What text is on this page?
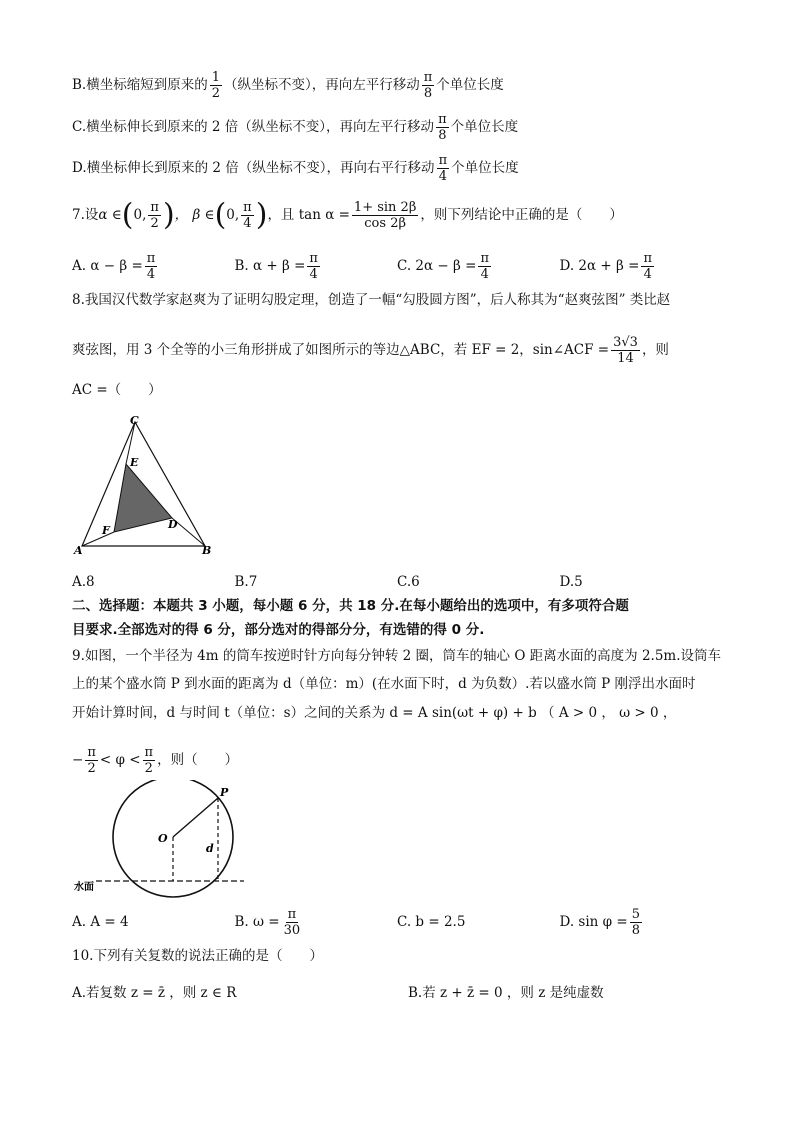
B.横坐标缩短到原来的 $\frac{1}{2}$ （纵坐标不变），再向左平行移动 $\frac{\pi}{8}$ 个单位长度
C.横坐标伸长到原来的 2 倍（纵坐标不变），再向左平行移动 $\frac{\pi}{8}$ 个单位长度
D.横坐标伸长到原来的 2 倍（纵坐标不变），再向右平行移动 $\frac{\pi}{4}$ 个单位长度
7.设α ∈(0, $\frac{\pi}{2}$ )， β ∈(0, $\frac{\pi}{4}$ )，且 $\tan \alpha = \frac{1+ \sin 2\beta}{\cos 2\beta}$ ，则下列结论中正确的是（　　）
A. $\alpha - \beta = \frac{\pi}{4}$	B. $\alpha + \beta = \frac{\pi}{4}$	C. $2\alpha - \beta = \frac{\pi}{4}$	D. $2\alpha + \beta = \frac{\pi}{4}$
8.我国汉代数学家赵爽为了证明勾股定理，创造了一幅“勾股圆方图”，后人称其为“赵爽弦图” 类比赵
爽弦图，用 3 个全等的小三角形拼成了如图所示的等边△ABC，若 EF = 2，sin∠ACF = $\frac{3√3}{14}$ ，则
AC =（　　）
C
E
F	D
A	B
A.8	B.7	C.6	D.5
二、选择题：本题共 3 小题，每小题 6 分，共 18 分.在每小题给出的选项中，有多项符合题
目要求.全部选对的得 6 分，部分选对的得部分分，有选错的得 0 分.
9.如图，一个半径为 4m 的筒车按逆时针方向每分钟转 2 圈，筒车的轴心 O 距离水面的高度为 2.5m.设筒车
上的某个盛水筒 P 到水面的距离为 d（单位：m）(在水面下时，d 为负数）.若以盛水筒 P 刚浮出水面时
开始计算时间，d 与时间 t（单位：s）之间的关系为 d = A sin(ωt + φ) + b （ A > 0 ， ω > 0 ，
− $\frac{\pi}{2} < \varphi < \frac{\pi}{2}$ ，则（　　）
P
O
d
水面
A. A = 4	B. $\omega = \frac{\pi}{30}$	C. b = 2.5	D. $\sin \varphi = \frac{5}{8}$
10.下列有关复数的说法正确的是（　　）
A.若复数 z = z̄ ，则 z ∈ R	B.若 z + z̄ = 0 ，则 z 是纯虚数
